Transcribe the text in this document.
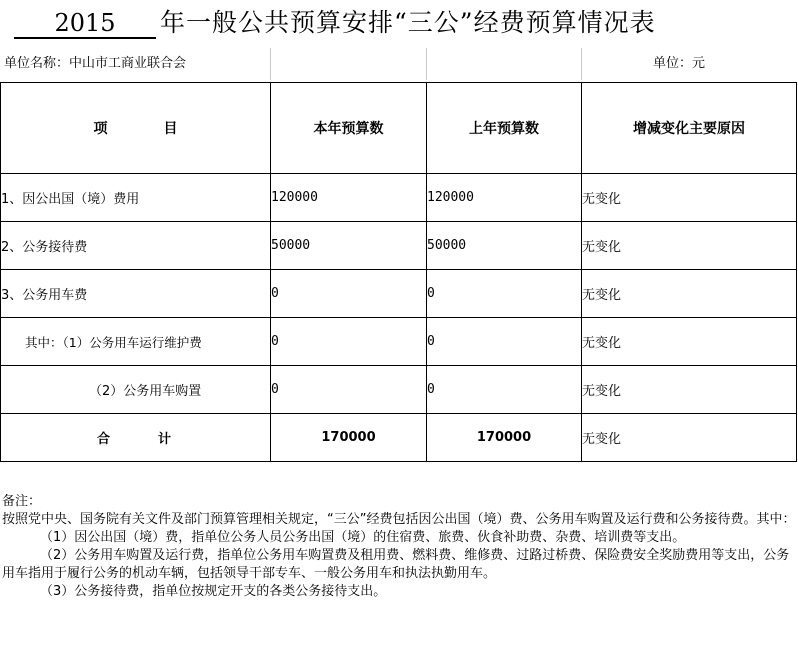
2015	年一般公共预算安排“三公”经费预算情况表
单位名称：中山市工商业联合会	单位：元
项 目	本年预算数	上年预算数	增减变化主要原因
1、因公出国（境）费用	120000	120000	无变化
2、公务接待费	50000	50000	无变化
3、公务用车费	0	0	无变化
其中：（1）公务用车运行维护费	0	0	无变化
（2）公务用车购置	0	0	无变化
合 计	170000	170000	无变化

备注：

按照党中央、国务院有关文件及部门预算管理相关规定，“三公”经费包括因公出国（境）费、公务用车购置及运行费和公务接待费。其中：

（1）因公出国（境）费，指单位公务人员公务出国（境）的住宿费、旅费、伙食补助费、杂费、培训费等支出。

（2）公务用车购置及运行费，指单位公务用车购置费及租用费、燃料费、维修费、过路过桥费、保险费安全奖励费用等支出，公务用车指用于履行公务的机动车辆，包括领导干部专车、一般公务用车和执法执勤用车。

（3）公务接待费，指单位按规定开支的各类公务接待支出。
